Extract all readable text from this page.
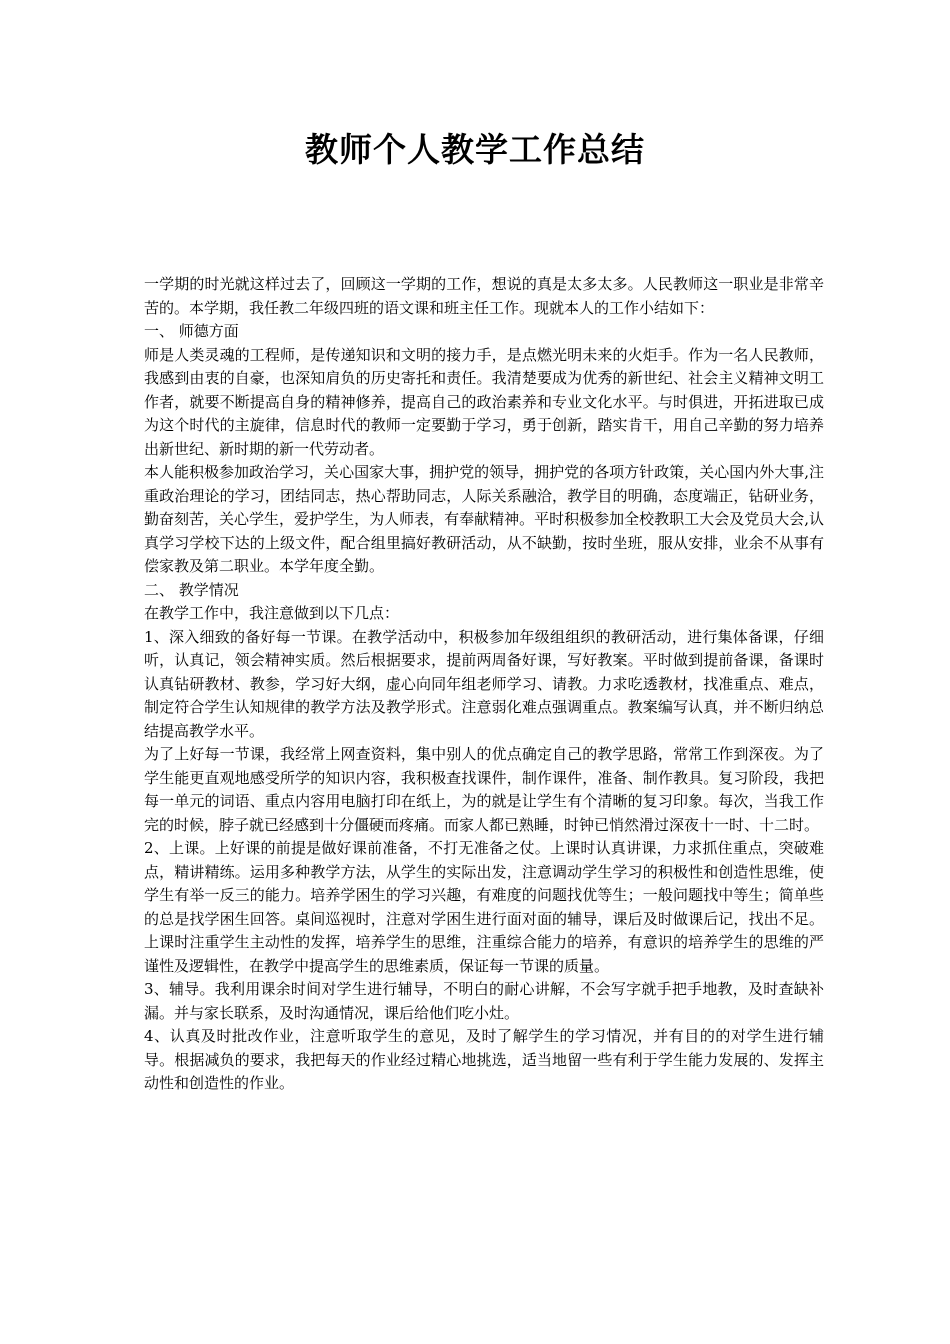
教师个人教学工作总结

一学期的时光就这样过去了，回顾这一学期的工作，想说的真是太多太多。人民教师这一职业是非常辛苦的。本学期，我任教二年级四班的语文课和班主任工作。现就本人的工作小结如下：

一、 师德方面

师是人类灵魂的工程师，是传递知识和文明的接力手，是点燃光明未来的火炬手。作为一名人民教师，我感到由衷的自豪，也深知肩负的历史寄托和责任。我清楚要成为优秀的新世纪、社会主义精神文明工作者，就要不断提高自身的精神修养，提高自己的政治素养和专业文化水平。与时俱进，开拓进取已成为这个时代的主旋律，信息时代的教师一定要勤于学习，勇于创新，踏实肯干，用自己辛勤的努力培养出新世纪、新时期的新一代劳动者。

本人能积极参加政治学习，关心国家大事，拥护党的领导，拥护党的各项方针政策，关心国内外大事,注重政治理论的学习，团结同志，热心帮助同志，人际关系融洽，教学目的明确，态度端正，钻研业务，勤奋刻苦，关心学生，爱护学生，为人师表，有奉献精神。平时积极参加全校教职工大会及党员大会,认真学习学校下达的上级文件，配合组里搞好教研活动，从不缺勤，按时坐班，服从安排，业余不从事有偿家教及第二职业。本学年度全勤。

二、 教学情况

在教学工作中，我注意做到以下几点：

1、深入细致的备好每一节课。在教学活动中，积极参加年级组组织的教研活动，进行集体备课，仔细听，认真记，领会精神实质。然后根据要求，提前两周备好课，写好教案。平时做到提前备课，备课时认真钻研教材、教参，学习好大纲，虚心向同年组老师学习、请教。力求吃透教材，找准重点、难点，制定符合学生认知规律的教学方法及教学形式。注意弱化难点强调重点。教案编写认真，并不断归纳总结提高教学水平。

为了上好每一节课，我经常上网查资料，集中别人的优点确定自己的教学思路，常常工作到深夜。为了学生能更直观地感受所学的知识内容，我积极查找课件，制作课件，准备、制作教具。复习阶段，我把每一单元的词语、重点内容用电脑打印在纸上，为的就是让学生有个清晰的复习印象。每次，当我工作完的时候，脖子就已经感到十分僵硬而疼痛。而家人都已熟睡，时钟已悄然滑过深夜十一时、十二时。

2、上课。上好课的前提是做好课前准备，不打无准备之仗。上课时认真讲课，力求抓住重点，突破难点，精讲精练。运用多种教学方法，从学生的实际出发，注意调动学生学习的积极性和创造性思维，使学生有举一反三的能力。培养学困生的学习兴趣，有难度的问题找优等生；一般问题找中等生；简单些的总是找学困生回答。桌间巡视时，注意对学困生进行面对面的辅导，课后及时做课后记，找出不足。上课时注重学生主动性的发挥，培养学生的思维，注重综合能力的培养，有意识的培养学生的思维的严谨性及逻辑性，在教学中提高学生的思维素质，保证每一节课的质量。

3、辅导。我利用课余时间对学生进行辅导，不明白的耐心讲解，不会写字就手把手地教，及时查缺补漏。并与家长联系，及时沟通情况，课后给他们吃小灶。

4、认真及时批改作业，注意听取学生的意见，及时了解学生的学习情况，并有目的的对学生进行辅导。根据减负的要求，我把每天的作业经过精心地挑选，适当地留一些有利于学生能力发展的、发挥主动性和创造性的作业。
